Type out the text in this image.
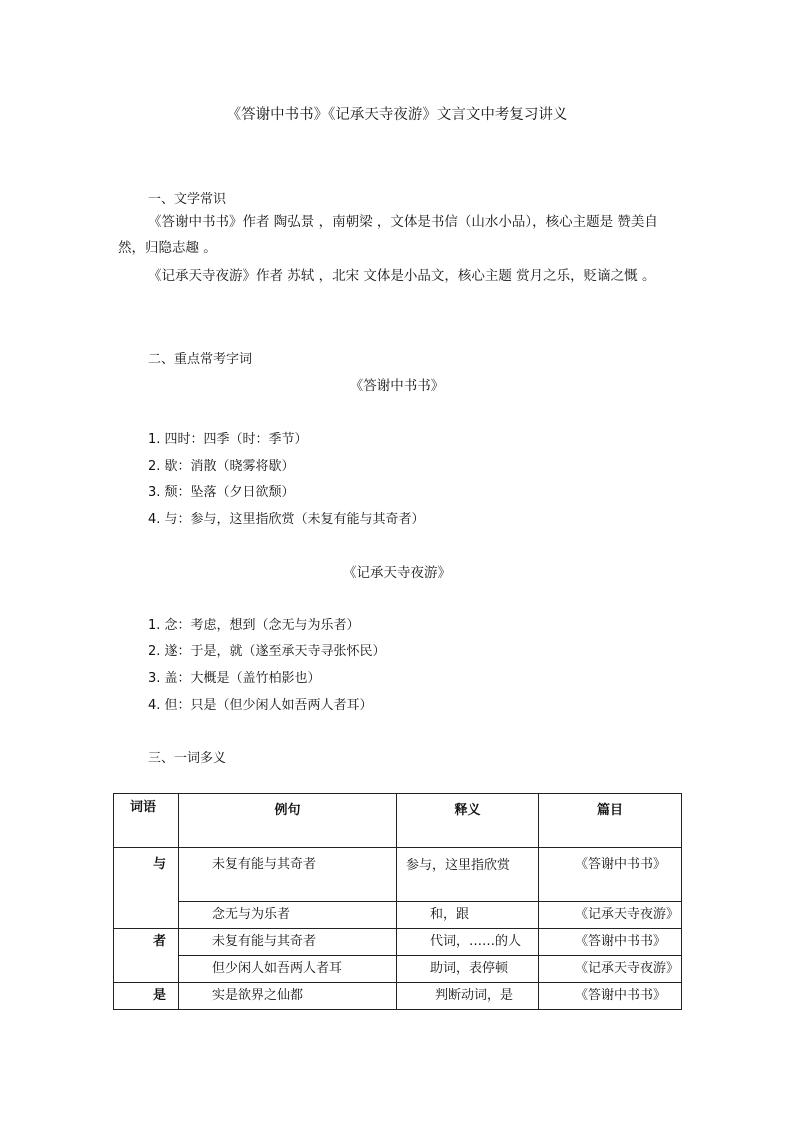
《答谢中书书》《记承天寺夜游》文言文中考复习讲义
一、文学常识
《答谢中书书》作者 陶弘景 ，南朝梁 ，文体是书信（山水小品），核心主题是 赞美自然，归隐志趣 。
《记承天寺夜游》作者 苏轼 ，北宋 文体是小品文，核心主题 赏月之乐，贬谪之慨 。
二、重点常考字词
《答谢中书书》
1. 四时：四季（时：季节）
2. 歇：消散（晓雾将歇）
3. 颓：坠落（夕日欲颓）
4. 与：参与，这里指欣赏（未复有能与其奇者）
《记承天寺夜游》
1. 念：考虑，想到（念无与为乐者）
2. 遂：于是，就（遂至承天寺寻张怀民）
3. 盖：大概是（盖竹柏影也）
4. 但：只是（但少闲人如吾两人者耳）
三、一词多义
词语	例句	释义	篇目
与	未复有能与其奇者	参与，这里指欣赏	《答谢中书书》
	念无与为乐者	和，跟	《记承天寺夜游》
者	未复有能与其奇者	代词，……的人	《答谢中书书》
	但少闲人如吾两人者耳	助词，表停顿	《记承天寺夜游》
是	实是欲界之仙都	判断动词，是	《答谢中书书》
